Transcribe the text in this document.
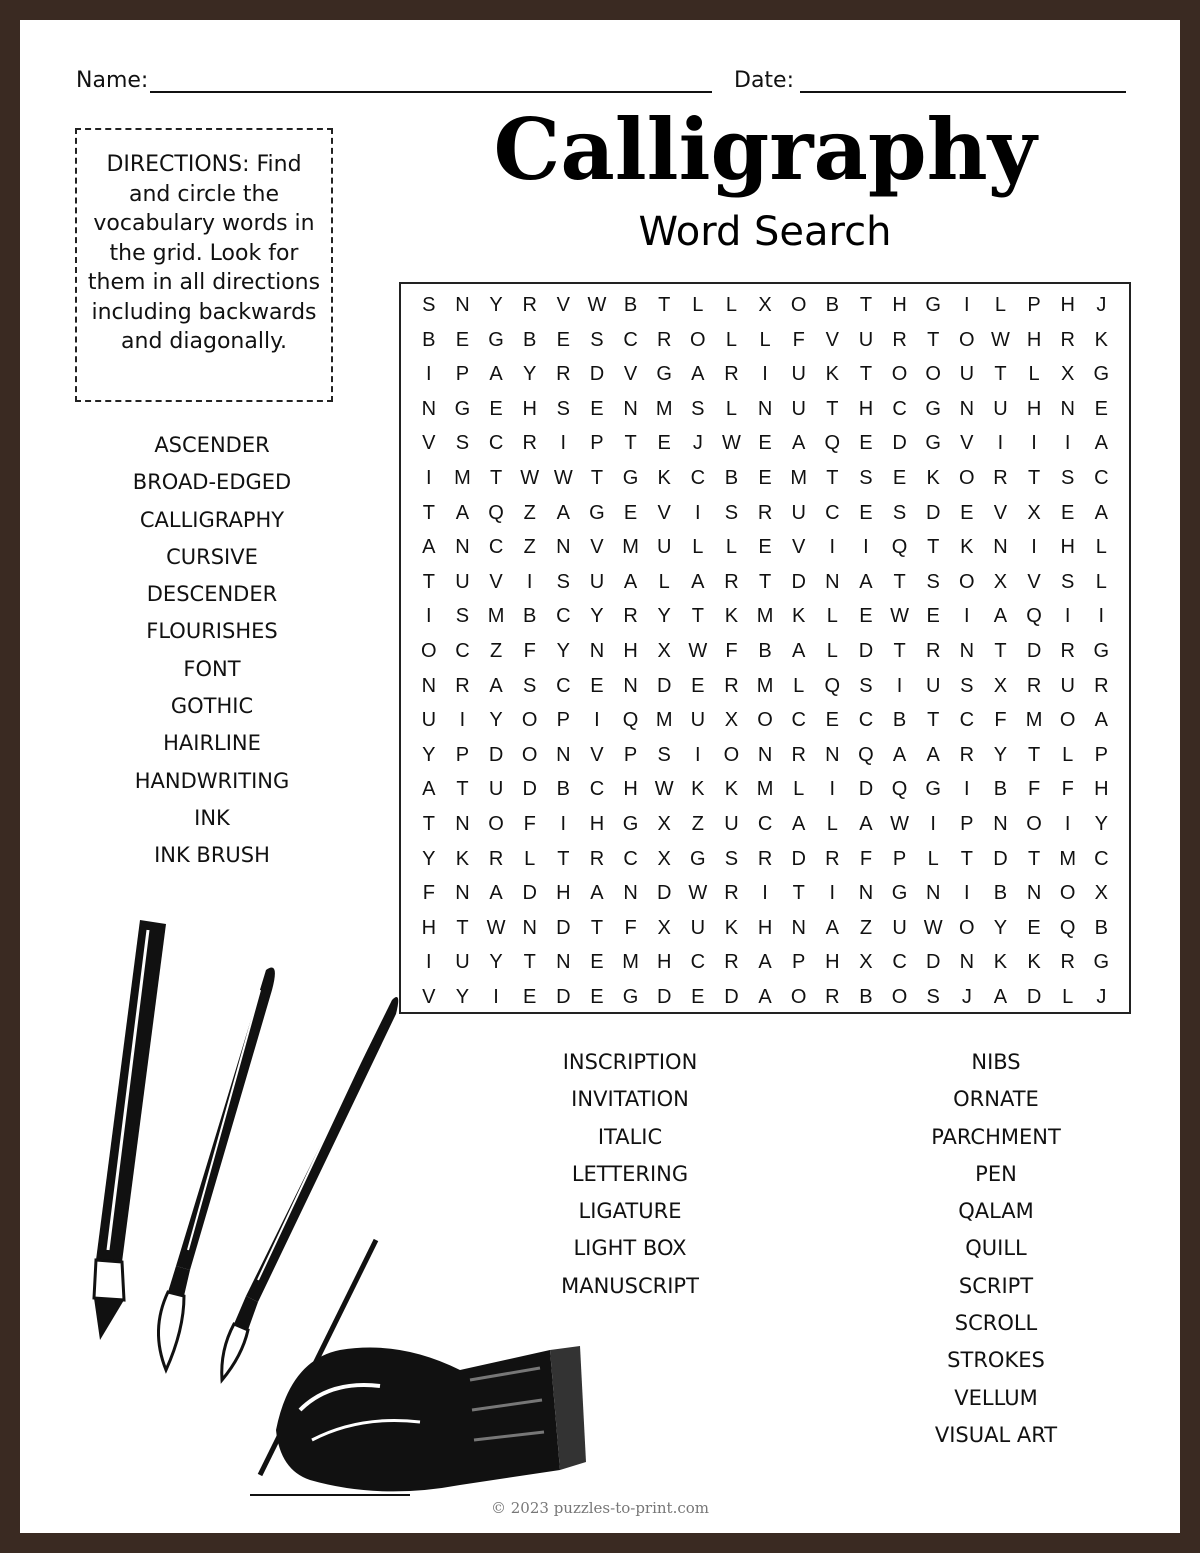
Name:	Date:
DIRECTIONS: Find and circle the vocabulary words in the grid. Look for them in all directions including backwards and diagonally.
Calligraphy
Word Search
S N Y R V W B	T	L	L	X O B	T	H G	I	L	P H	J
B	E G B	E	S C R O	L	L	F	V U R	T O W H R K
I	P	A	Y R D V G A R	I	U K	T O O U	T	L	X G
N G E H S	E N M S	L	N U	T	H C G N U H N E
V	S C R	I	P	T	E	J W E	A Q E D G V	I	I	I	A
I	M T W W T G K C B	E M T	S	E	K O R	T	S C
T	A Q Z	A G E	V	I	S R U C E	S D E	V	X	E	A
A N C	Z	N V M U	L	L	E	V	I	I	Q T	K N	I	H	L
T	U V	I	S U A	L	A R	T	D N A	T	S O X	V	S	L
I	S M B C Y R Y	T	K M K	L	E W E	I	A Q	I	I
O C	Z	F	Y N H X W F	B	A	L	D	T	R N	T	D R G
N R A	S C E N D E R M L	Q S	I	U S	X R U R
U	I	Y O P	I	Q M U X O C E C B	T	C	F M O A
Y	P D O N V	P	S	I	O N R N Q A	A R Y	T	L	P
A	T	U D B C H W K	K M L	I	D Q G	I	B	F	F	H
T	N O F	I	H G X	Z	U C A	L	A W	I	P N O	I	Y
Y	K R	L	T	R C X G S R D R	F	P	L	T	D	T M C
F	N A D H A N D W R	I	T	I	N G N	I	B N O X
H	T W N D	T	F	X U K H N A	Z	U W O Y	E Q B
I	U Y	T	N E M H C R A	P H X C D N K	K R G
V	Y	I	E D E G D E D A O R B O S	J	A D	L	J
ASCENDER
BROAD-EDGED
CALLIGRAPHY
CURSIVE
DESCENDER
FLOURISHES
FONT
GOTHIC
HAIRLINE
HANDWRITING
INK
INK BRUSH
INSCRIPTION
INVITATION
ITALIC
LETTERING
LIGATURE
LIGHT BOX
MANUSCRIPT
NIBS
ORNATE
PARCHMENT
PEN
QALAM
QUILL
SCRIPT
SCROLL
STROKES
VELLUM
VISUAL ART
© 2023 puzzles-to-print.com
